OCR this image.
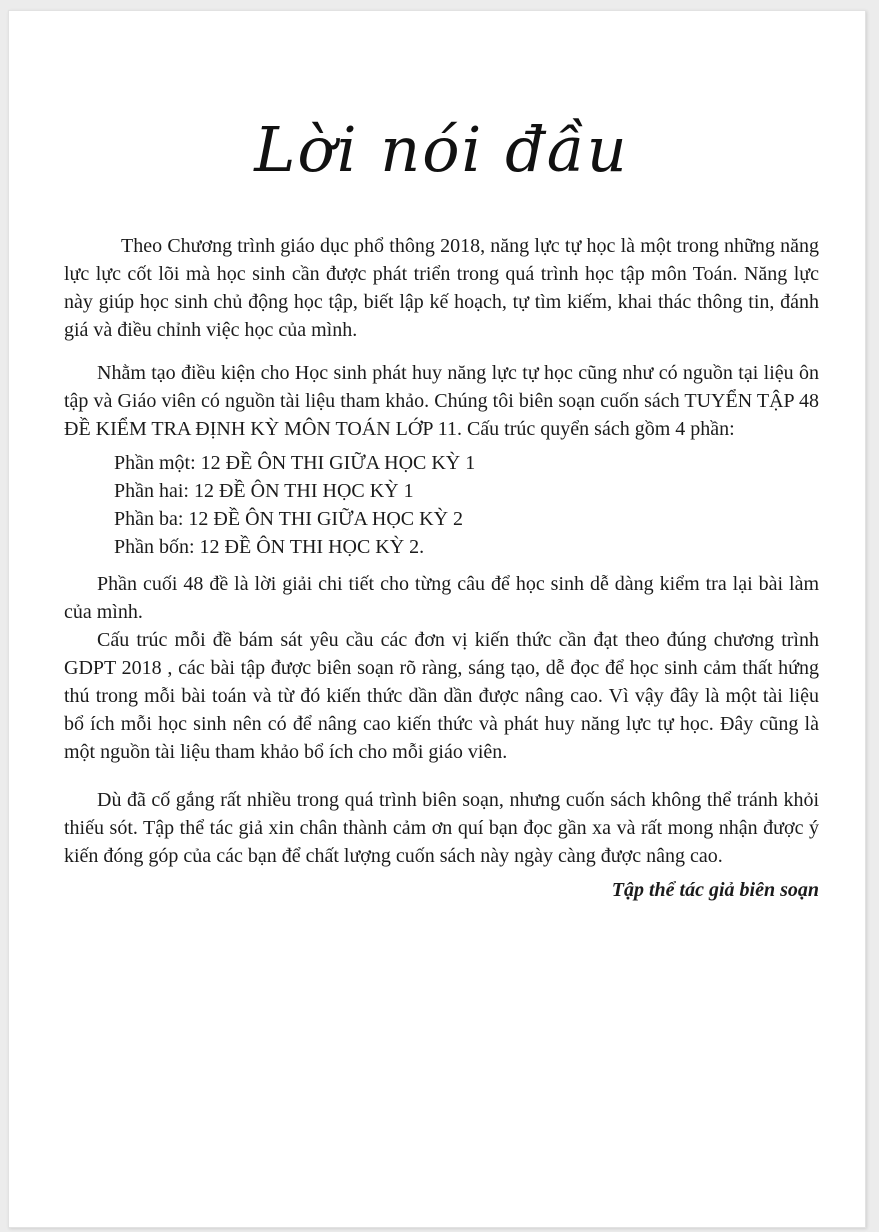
Lời nói đầu

Theo Chương trình giáo dục phổ thông 2018, năng lực tự học là một trong những năng lực lực cốt lõi mà học sinh cần được phát triển trong quá trình học tập môn Toán. Năng lực này giúp học sinh chủ động học tập, biết lập kế hoạch, tự tìm kiếm, khai thác thông tin, đánh giá và điều chỉnh việc học của mình.

Nhằm tạo điều kiện cho Học sinh phát huy năng lực tự học cũng như có nguồn tại liệu ôn tập và Giáo viên có nguồn tài liệu tham khảo. Chúng tôi biên soạn cuốn sách TUYỂN TẬP 48 ĐỀ KIỂM TRA ĐỊNH KỲ MÔN TOÁN LỚP 11. Cấu trúc quyển sách gồm 4 phần:

Phần một: 12 ĐỀ ÔN THI GIỮA HỌC KỲ 1
Phần hai: 12 ĐỀ ÔN THI HỌC KỲ 1
Phần ba: 12 ĐỀ ÔN THI GIỮA HỌC KỲ 2
Phần bốn: 12 ĐỀ ÔN THI HỌC KỲ 2.

Phần cuối 48 đề là lời giải chi tiết cho từng câu để học sinh dễ dàng kiểm tra lại bài làm của mình.

Cấu trúc mỗi đề bám sát yêu cầu các đơn vị kiến thức cần đạt theo đúng chương trình GDPT 2018 , các bài tập được biên soạn rõ ràng, sáng tạo, dễ đọc để học sinh cảm thất hứng thú trong mỗi bài toán và từ đó kiến thức dần dần được nâng cao. Vì vậy đây là một tài liệu bổ ích mỗi học sinh nên có để nâng cao kiến thức và phát huy năng lực tự học. Đây cũng là một nguồn tài liệu tham khảo bổ ích cho mỗi giáo viên.

Dù đã cố gắng rất nhiều trong quá trình biên soạn, nhưng cuốn sách không thể tránh khỏi thiếu sót. Tập thể tác giả xin chân thành cảm ơn quí bạn đọc gần xa và rất mong nhận được ý kiến đóng góp của các bạn để chất lượng cuốn sách này ngày càng được nâng cao.

Tập thể tác giả biên soạn
